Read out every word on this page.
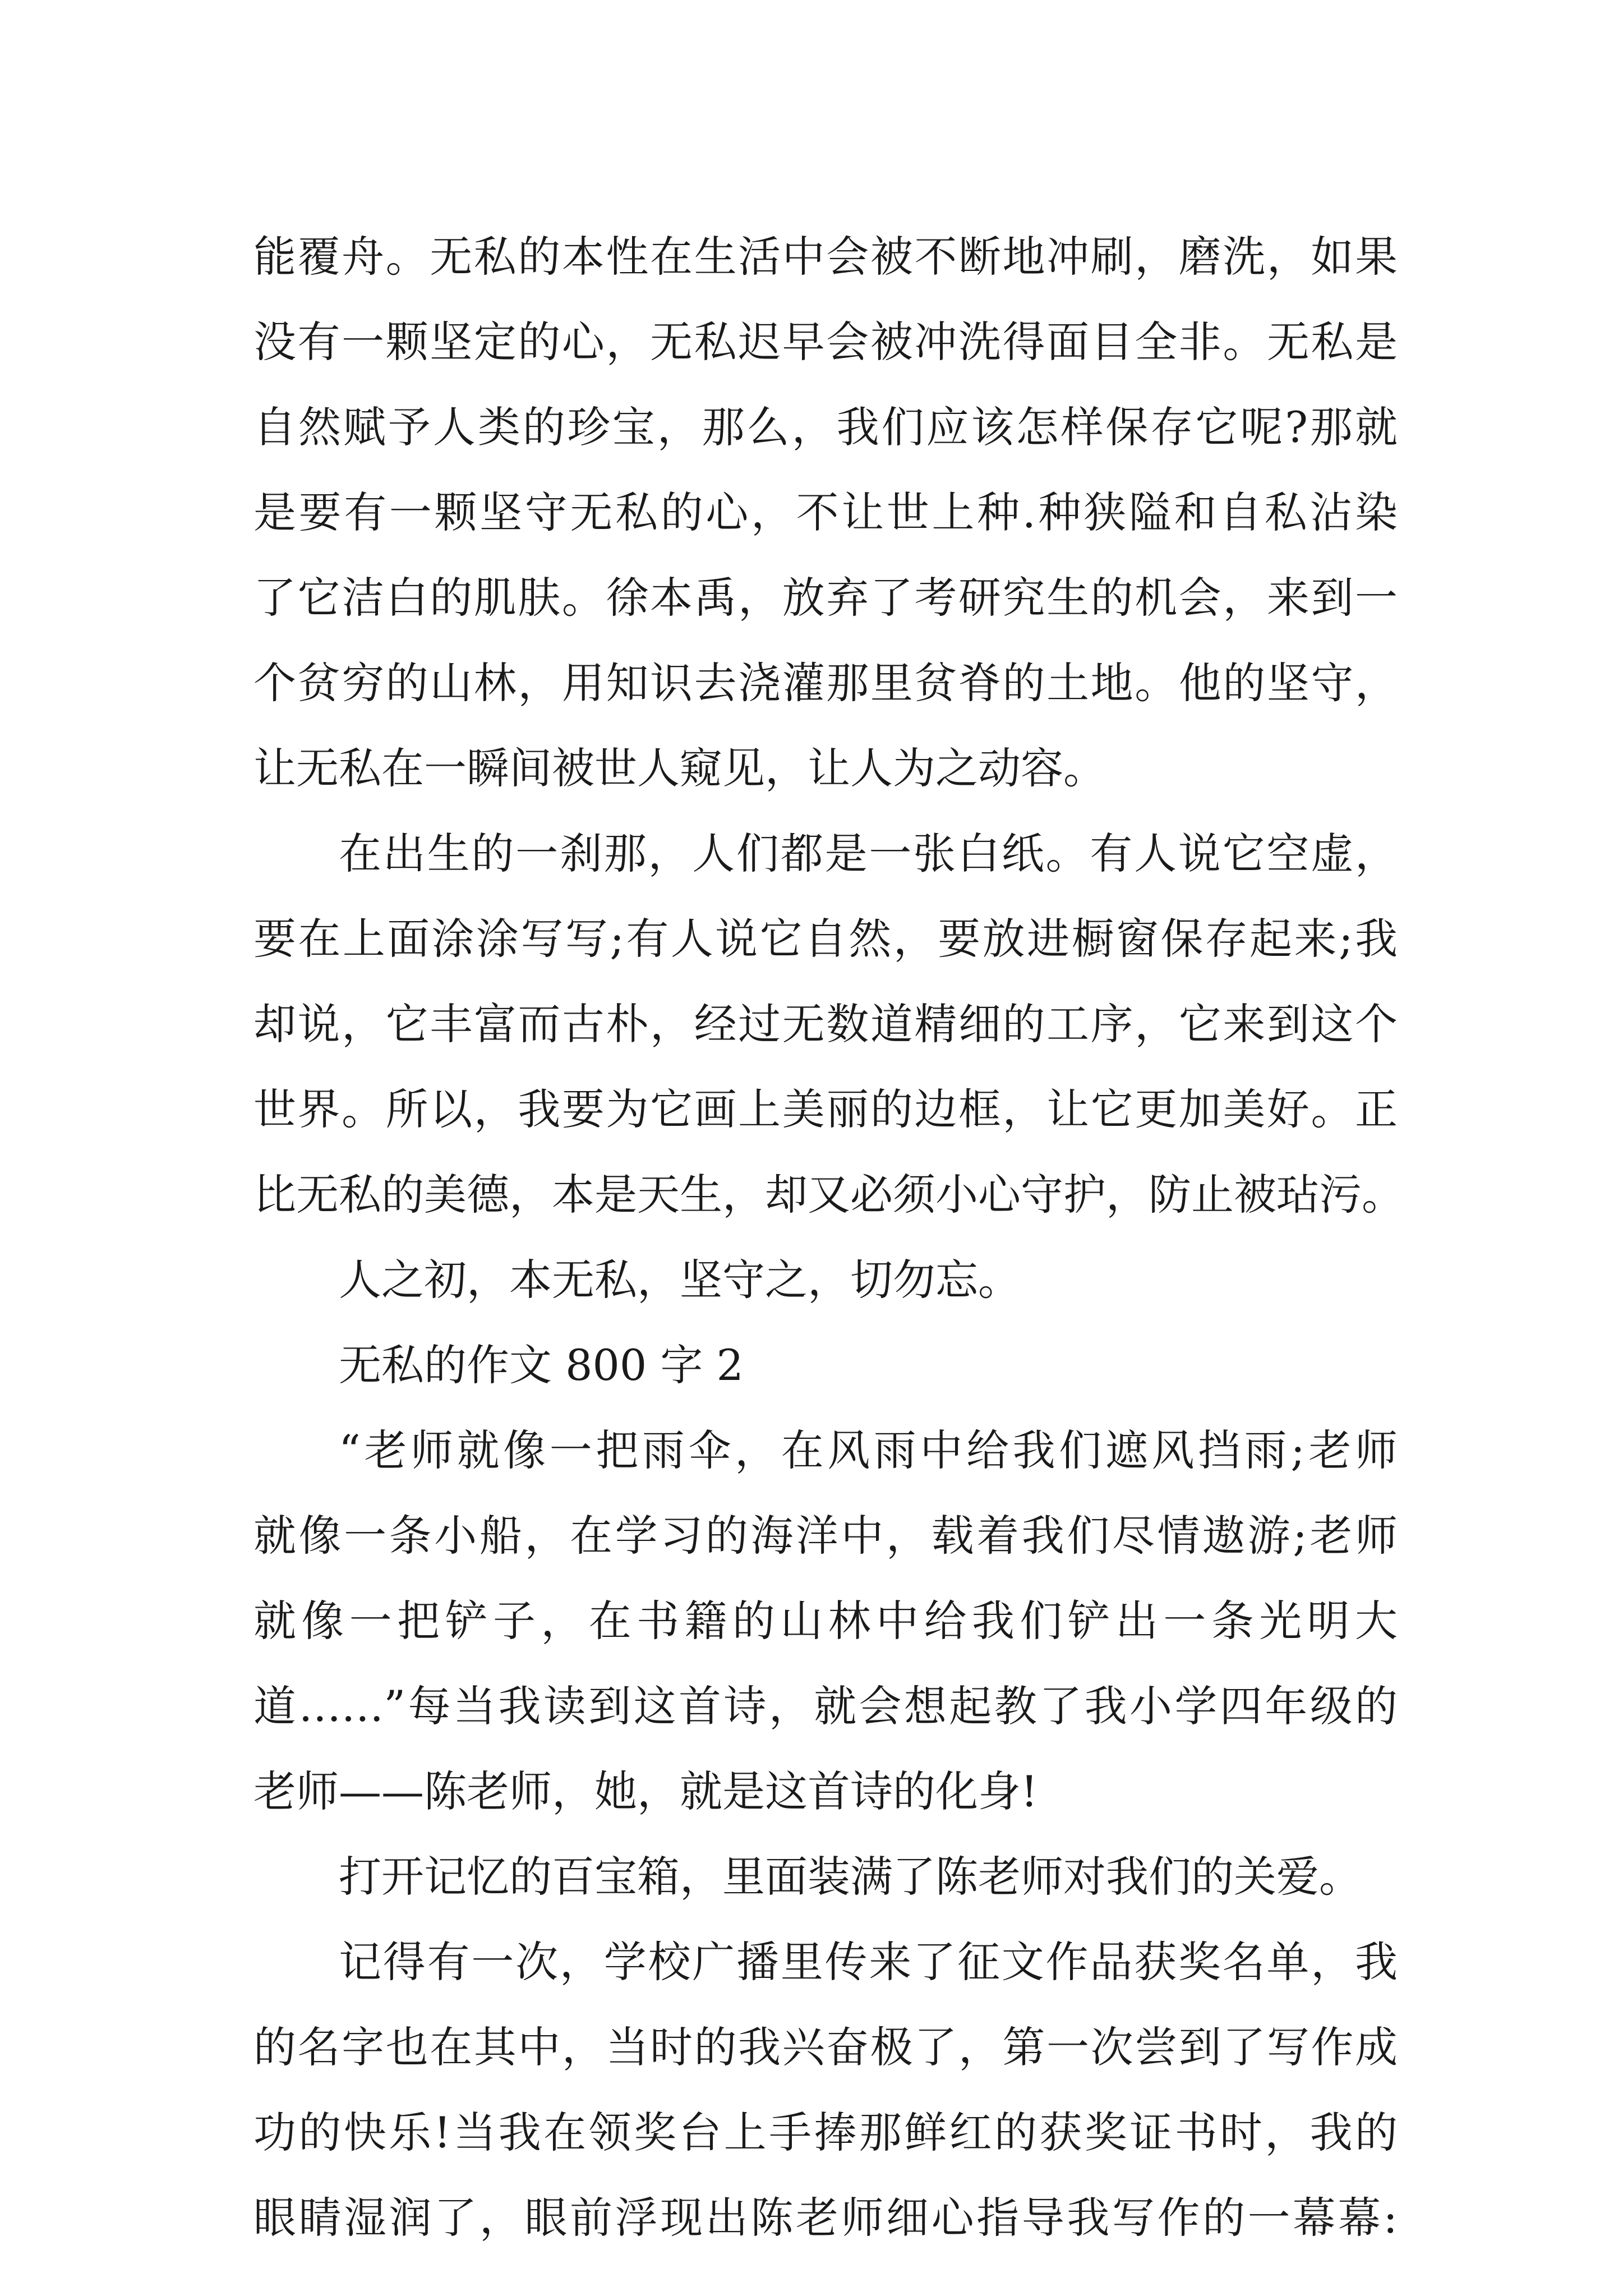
能覆舟。无私的本性在生活中会被不断地冲刷，磨洗，如果
没有一颗坚定的心，无私迟早会被冲洗得面目全非。无私是
自然赋予人类的珍宝，那么，我们应该怎样保存它呢?那就
是要有一颗坚守无私的心，不让世上种.种狭隘和自私沾染
了它洁白的肌肤。徐本禹，放弃了考研究生的机会，来到一
个贫穷的山林，用知识去浇灌那里贫脊的土地。他的坚守，
让无私在一瞬间被世人窥见，让人为之动容。
在出生的一刹那，人们都是一张白纸。有人说它空虚，
要在上面涂涂写写;有人说它自然，要放进橱窗保存起来;我
却说，它丰富而古朴，经过无数道精细的工序，它来到这个
世界。所以，我要为它画上美丽的边框，让它更加美好。正
比无私的美德，本是天生，却又必须小心守护，防止被玷污。
人之初，本无私，坚守之，切勿忘。
无私的作文 800 字 2
“老师就像一把雨伞，在风雨中给我们遮风挡雨;老师
就像一条小船，在学习的海洋中，载着我们尽情遨游;老师
就像一把铲子，在书籍的山林中给我们铲出一条光明大
道……”每当我读到这首诗，就会想起教了我小学四年级的
老师——陈老师，她，就是这首诗的化身!
打开记忆的百宝箱，里面装满了陈老师对我们的关爱。
记得有一次，学校广播里传来了征文作品获奖名单，我
的名字也在其中，当时的我兴奋极了，第一次尝到了写作成
功的快乐!当我在领奖台上手捧那鲜红的获奖证书时，我的
眼睛湿润了，眼前浮现出陈老师细心指导我写作的一幕幕:
